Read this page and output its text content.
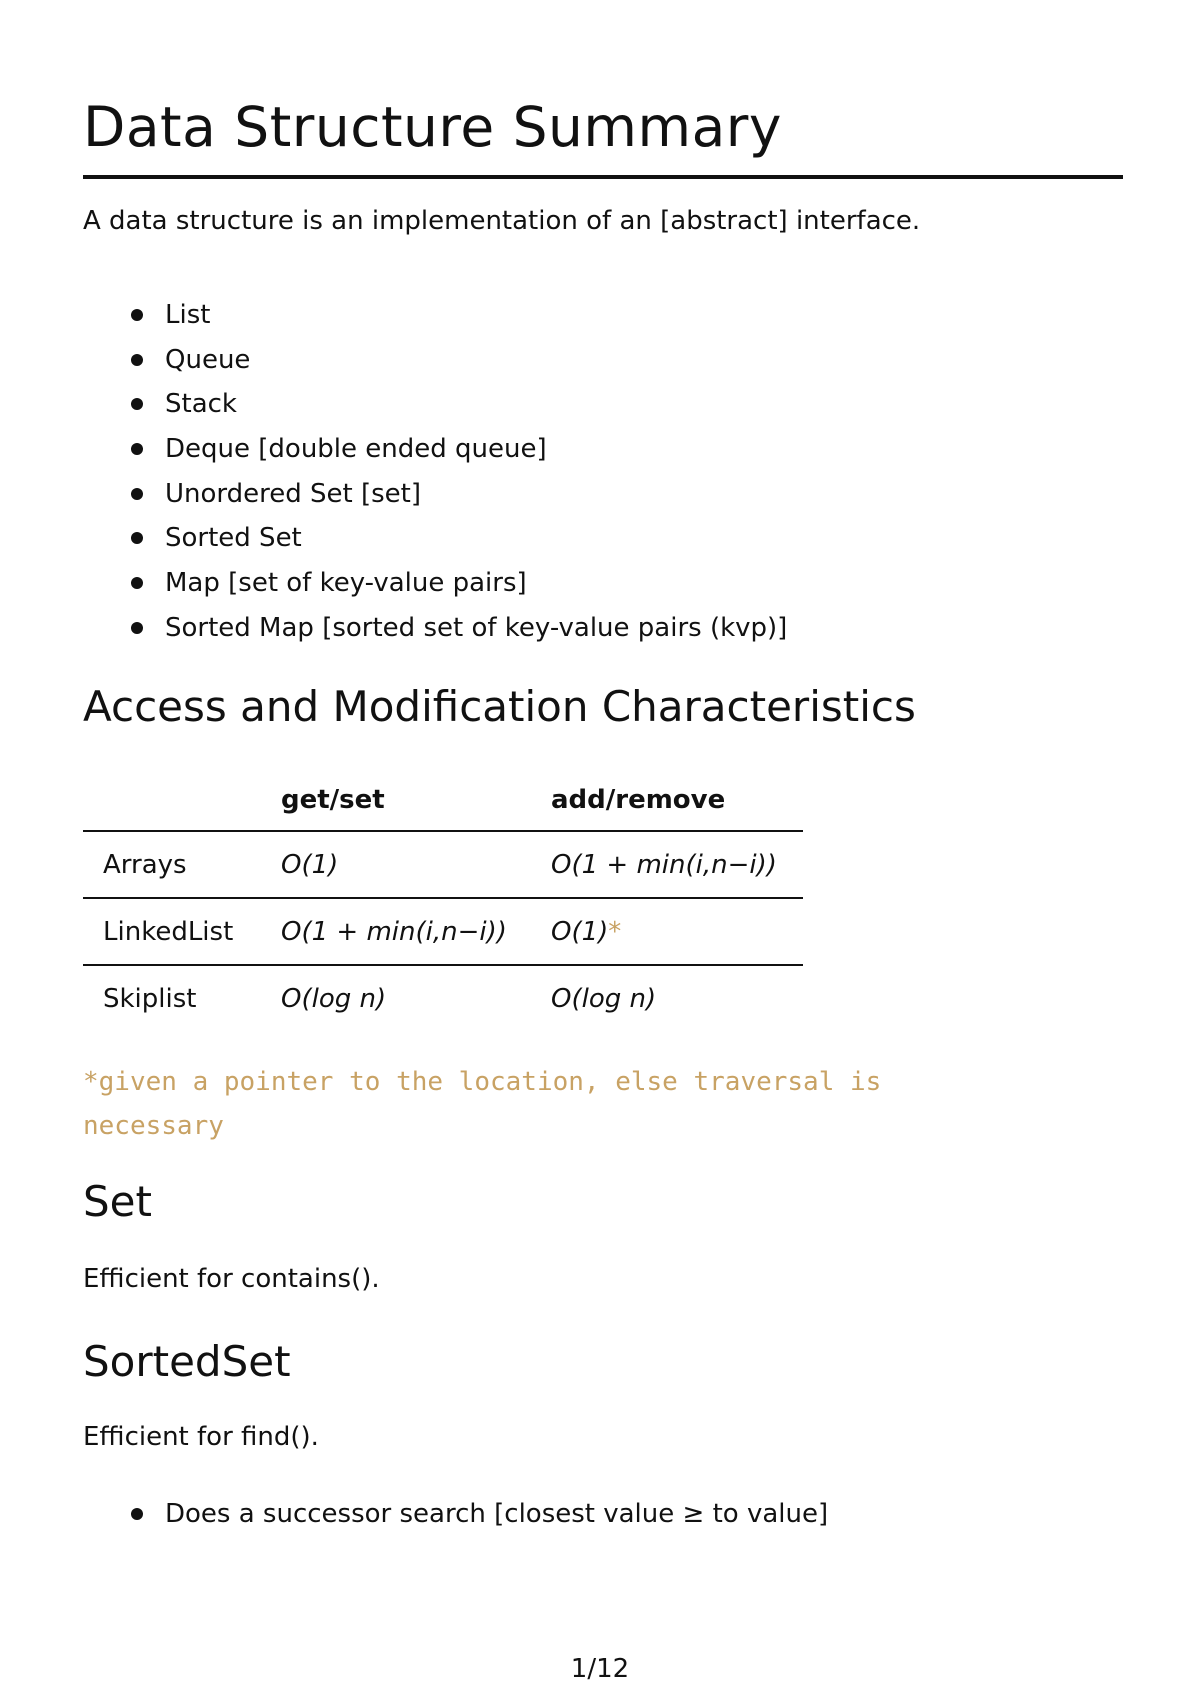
Data Structure Summary

A data structure is an implementation of an [abstract] interface.

List
Queue
Stack
Deque [double ended queue]
Unordered Set [set]
Sorted Set
Map [set of key-value pairs]
Sorted Map [sorted set of key-value pairs (kvp)]
Access and Modification Characteristics
	get/set	add/remove
Arrays	O(1)	O(1 + min(i,n−i))
LinkedList	O(1 + min(i,n−i))	O(1)*
Skiplist	O(log n)	O(log n)

*given a pointer to the location, else traversal is necessary

Set

Efficient for contains().

SortedSet

Efficient for find().

Does a successor search [closest value ≥ to value]
1/12
